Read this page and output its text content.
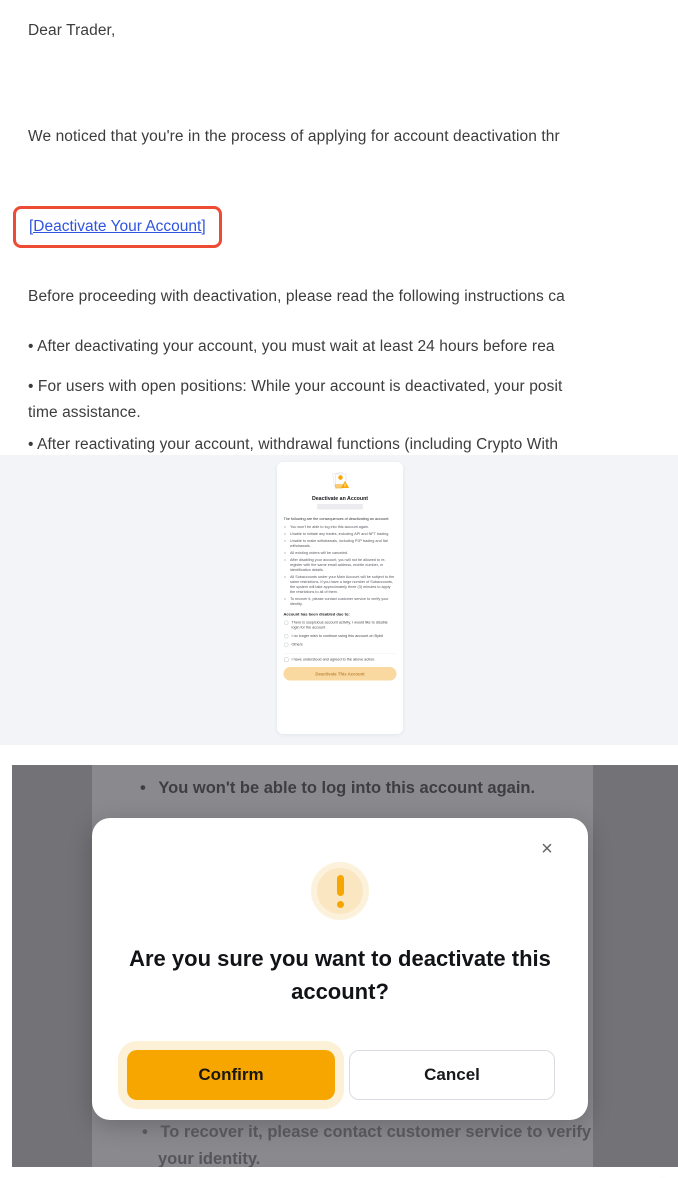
Dear Trader,
We noticed that you're in the process of applying for account deactivation thr
[Deactivate Your Account]
Before proceeding with deactivation, please read the following instructions ca
• After deactivating your account, you must wait at least 24 hours before rea
• For users with open positions: While your account is deactivated, your posit
time assistance.
• After reactivating your account, withdrawal functions (including Crypto With
Deactivate an Account
The following are the consequences of deactivating an account:
• You won't be able to log into this account again.
• Unable to initiate any trades, including API and NFT trading.
• Unable to make withdrawals, including P2P trading and fiat withdrawals.
• All existing orders will be canceled.
• After disabling your account, you will not be allowed to re-register with the same email address, mobile number, or identification details.
• All Subaccounts under your Main Account will be subject to the same restrictions. If you have a large number of Subaccounts, the system will take approximately three (3) minutes to apply the restrictions to all of them.
• To recover it, please contact customer service to verify your identity.
Account has been disabled due to:
There is suspicious account activity, I would like to disable login for the account
I no longer wish to continue using this account on Bybit
Others
I have understood and agreed to the above action.
Deactivate This Account
• You won't be able to log into this account again.
×
Are you sure you want to deactivate this
account?
Confirm	Cancel
• To recover it, please contact customer service to verify
your identity.
